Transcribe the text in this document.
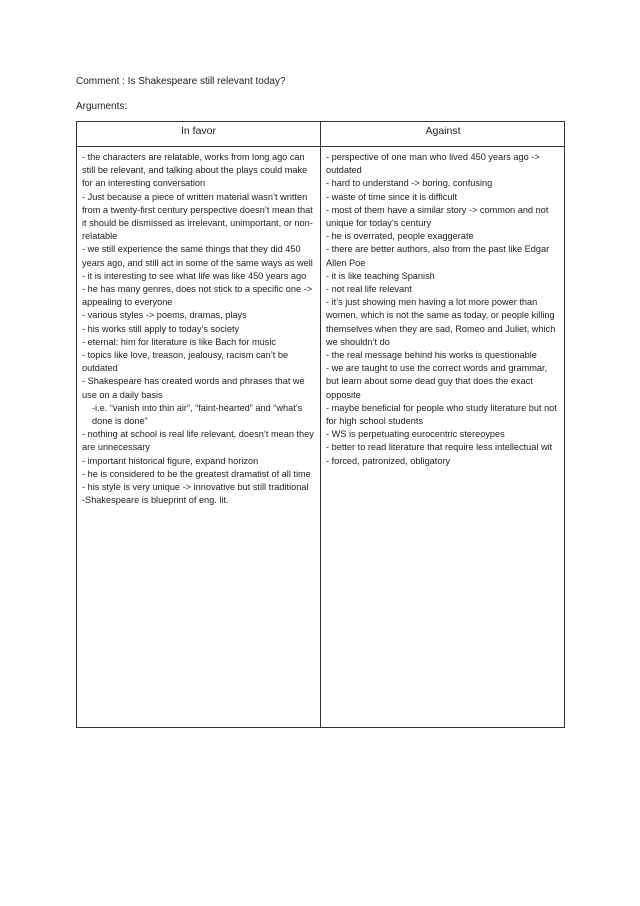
Comment : Is Shakespeare still relevant today?
Arguments:
In favor	Against
- the characters are relatable, works from long ago can still be relevant, and talking about the plays could make for an interesting conversation
- Just because a piece of written material wasn’t written from a twenty-first century perspective doesn’t mean that it should be dismissed as irrelevant, unimportant, or non-relatable
- we still experience the same things that they did 450 years ago, and still act in some of the same ways as well
- it is interesting to see what life was like 450 years ago
- he has many genres, does not stick to a specific one -> appealing to everyone
- various styles -> poems, dramas, plays
- his works still apply to today’s society
- eternal: him for literature is like Bach for music
- topics like love, treason, jealousy, racism can’t be outdated
- Shakespeare has created words and phrases that we use on a daily basis
-i.e. “vanish into thin air”, “faint-hearted” and “what’s done is done”
- nothing at school is real life relevant, doesn’t mean they are unnecessary
- important historical figure, expand horizon
- he is considered to be the greatest dramatist of all time
- his style is very unique -> innovative but still traditional
-Shakespeare is blueprint of eng. lit.
- perspective of one man who lived 450 years ago -> outdated
- hard to understand -> boring, confusing
- waste of time since it is difficult
- most of them have a similar story -> common and not unique for today’s century
- he is overrated, people exaggerate
- there are better authors, also from the past like Edgar Allen Poe
- it is like teaching Spanish
- not real life relevant
- it’s just showing men having a lot more power than women, which is not the same as today, or people killing themselves when they are sad, Romeo and Juliet, which we shouldn’t do
- the real message behind his works is questionable
- we are taught to use the correct words and grammar, but learn about some dead guy that does the exact opposite
- maybe beneficial for people who study literature but not for high school students
- WS is perpetuating eurocentric stereoypes
- better to read literature that require less intellectual wit
- forced, patronized, obligatory
